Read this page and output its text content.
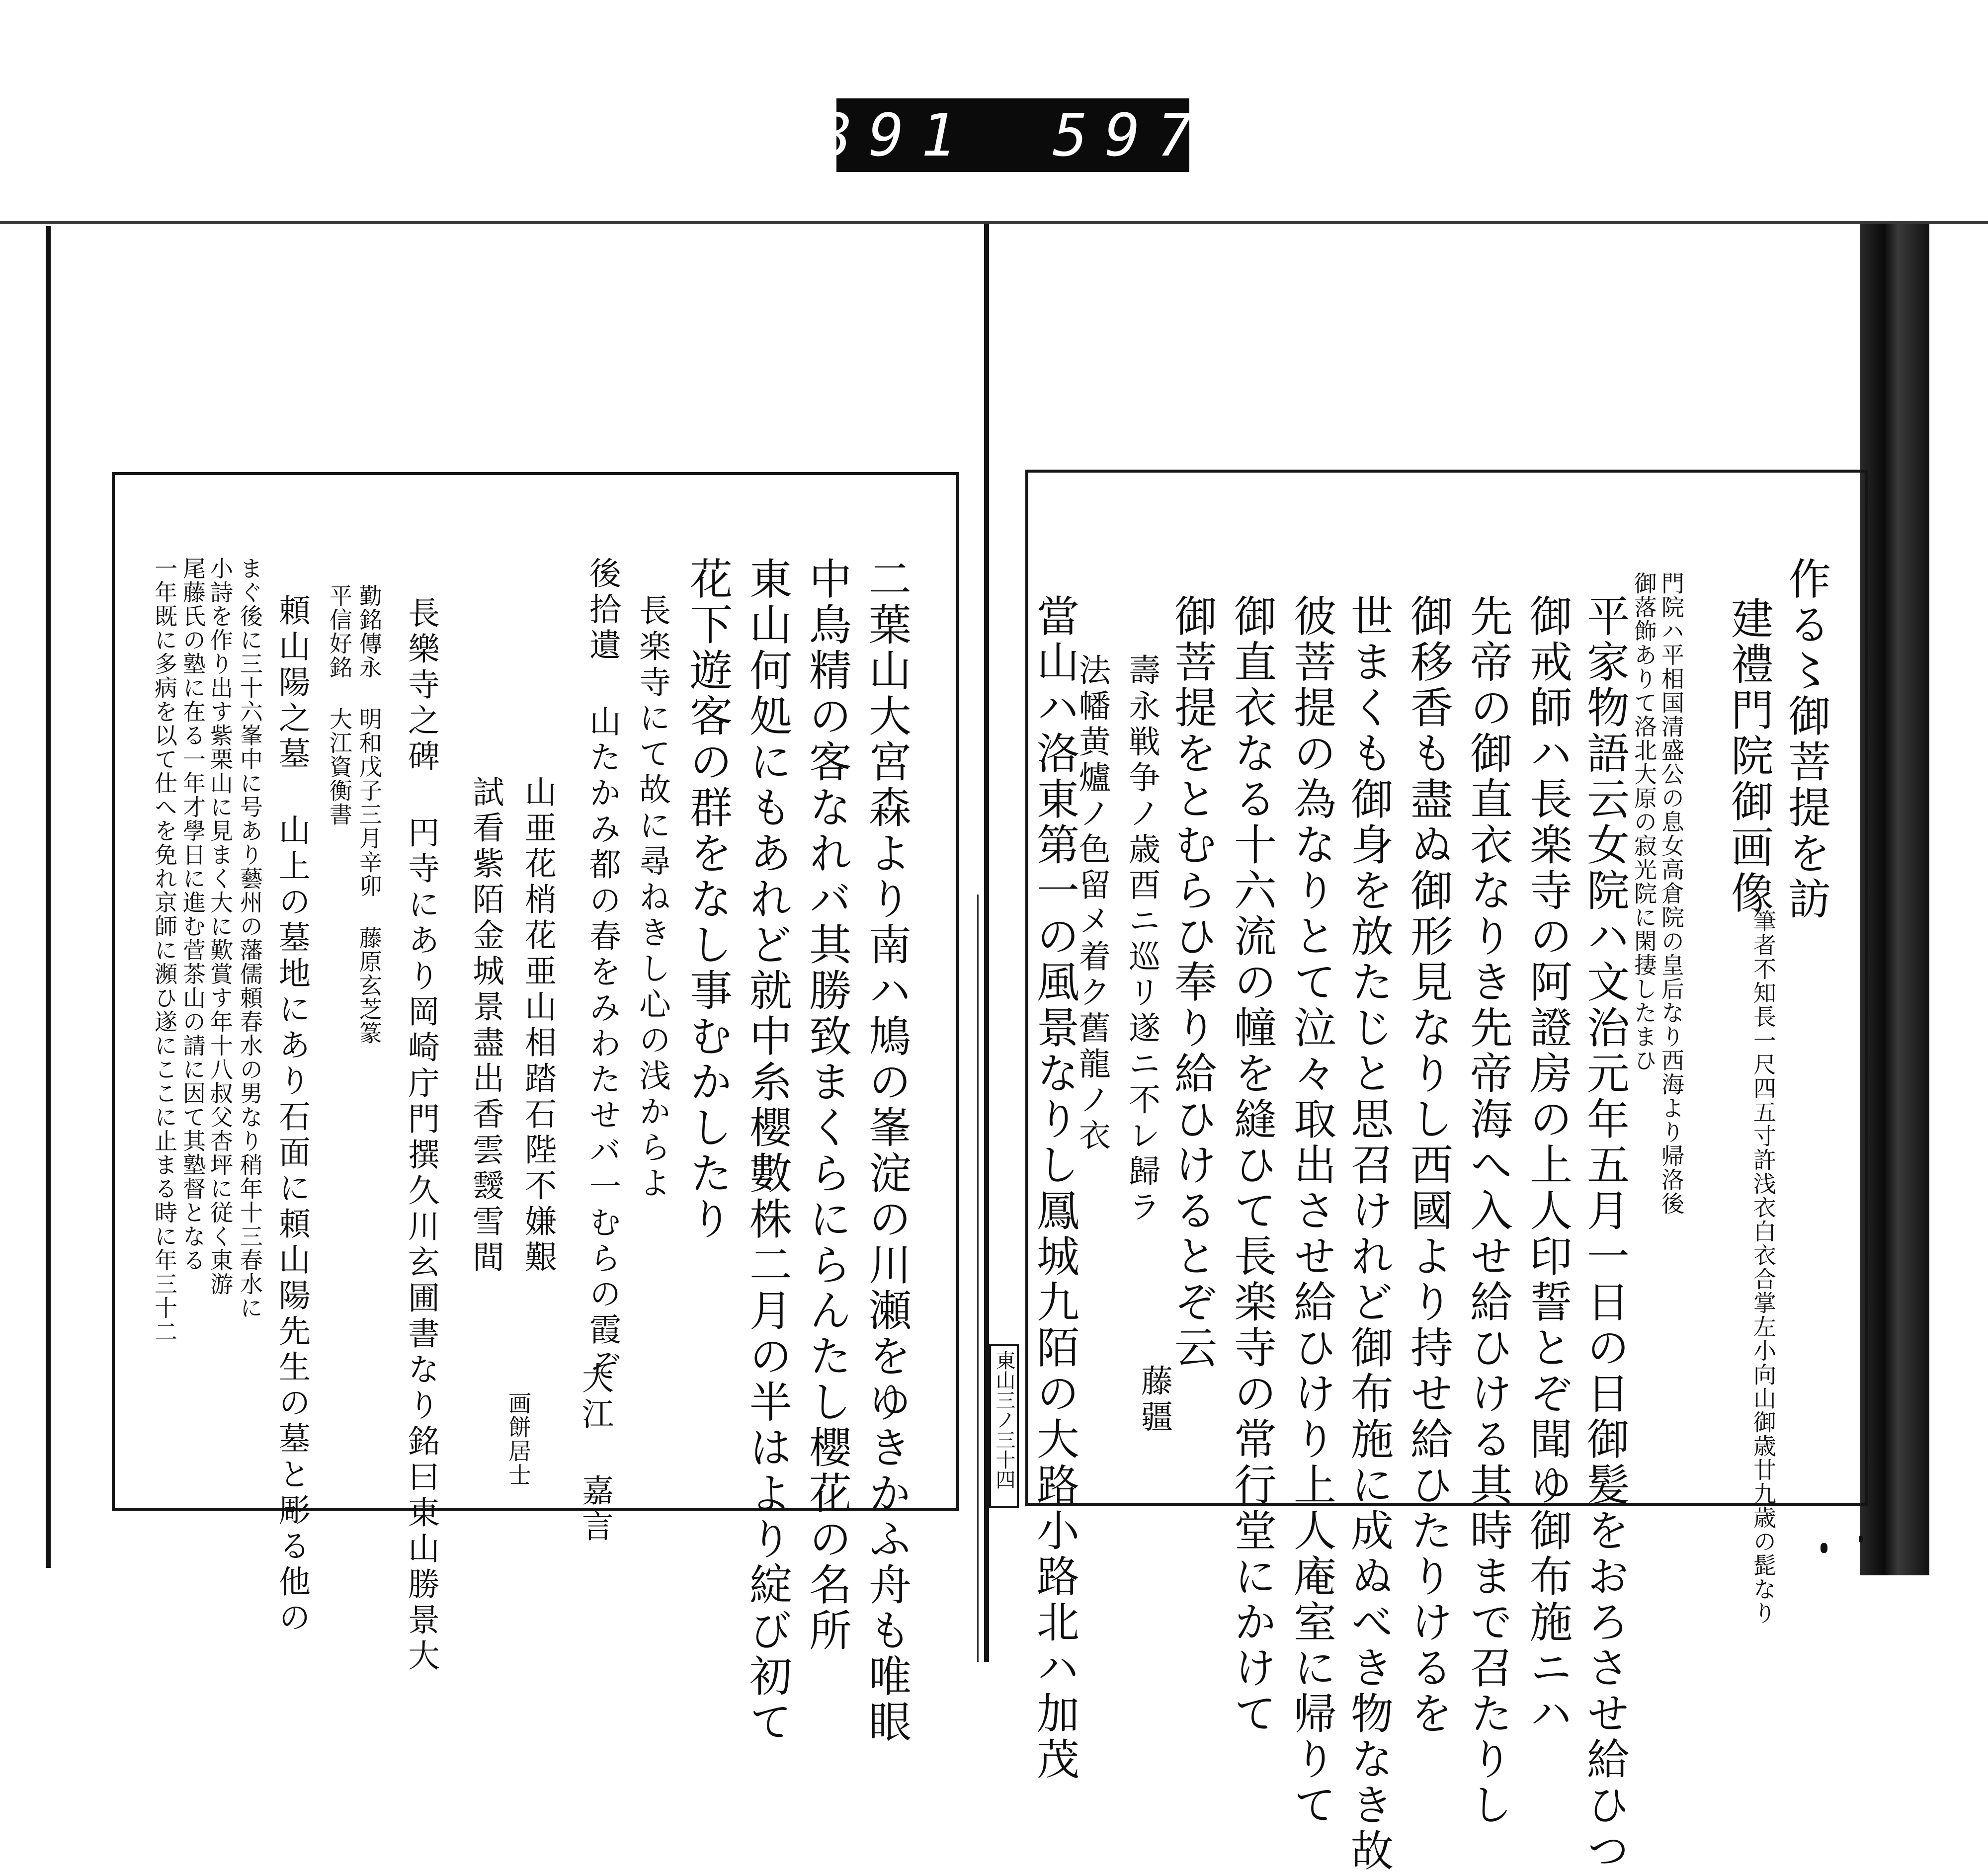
891 597
東山三ノ三十四
作る〻御菩提を訪
建禮門院御画像
筆者不知長一尺四五寸許浅衣白衣合掌左小向山御歳廿九歳の髭なり
門院ハ平相国清盛公の息女高倉院の皇后なり西海より帰洛後
御落飾ありて洛北大原の寂光院に閑捿したまひ
平家物語云女院ハ文治元年五月一日の日御髪をおろさせ給ひつ
御戒師ハ長楽寺の阿證房の上人印誓とぞ聞ゆ御布施ニハ
先帝の御直衣なりき先帝海へ入せ給ひける其時まで召たりし
御移香も盡ぬ御形見なりし西國より持せ給ひたりけるを
世まくも御身を放たじと思召けれど御布施に成ぬべき物なき故
彼菩提の為なりとて泣々取出させ給ひけり上人庵室に帰りて
御直衣なる十六流の幢を縫ひて長楽寺の常行堂にかけて
御菩提をとむらひ奉り給ひけるとぞ云
壽永戦争ノ歳酉ニ巡リ遂ニ不レ歸ラ
法幡黄爐ノ色留メ着ク舊龍ノ衣
當山ハ洛東第一の風景なりし鳳城九陌の大路小路北ハ加茂 藤疆
二葉山大宮森より南ハ鳩の峯淀の川瀬をゆきかふ舟も唯眼
中鳥精の客なれバ其勝致まくらにらんたし櫻花の名所
東山何処にもあれど就中糸櫻數株二月の半はより綻び初て
花下遊客の群をなし事むかしたり
長楽寺にて故に尋ねきし心の浅からよ
後拾遺 山たかみ都の春をみわたせバ一むらの霞ぞ
山亜花梢花亜山相踏石陛不嫌艱
試看紫陌金城景盡出香雲靉雪間
長樂寺之碑 円寺にあり岡崎庁門撰久川玄圃書なり銘曰東山勝景大
勤銘傳永 明和戊子三月辛卯 藤原玄芝篆
平信好銘 大江資衡書
頼山陽之墓 山上の墓地にあり石面に頼山陽先生の墓と彫る他の
まぐ後に三十六峯中に号あり藝州の藩儒頼春水の男なり稍年十三春水に
小詩を作り出す紫栗山に見まく大に歎賞す年十八叔父杏坪に従く東游
尾藤氏の塾に在る一年才學日に進む菅茶山の請に因て其塾督となる
一年既に多病を以て仕へを免れ京師に瀕ひ遂にここに止まる時に年三十二
大江 嘉言
画餅居士
